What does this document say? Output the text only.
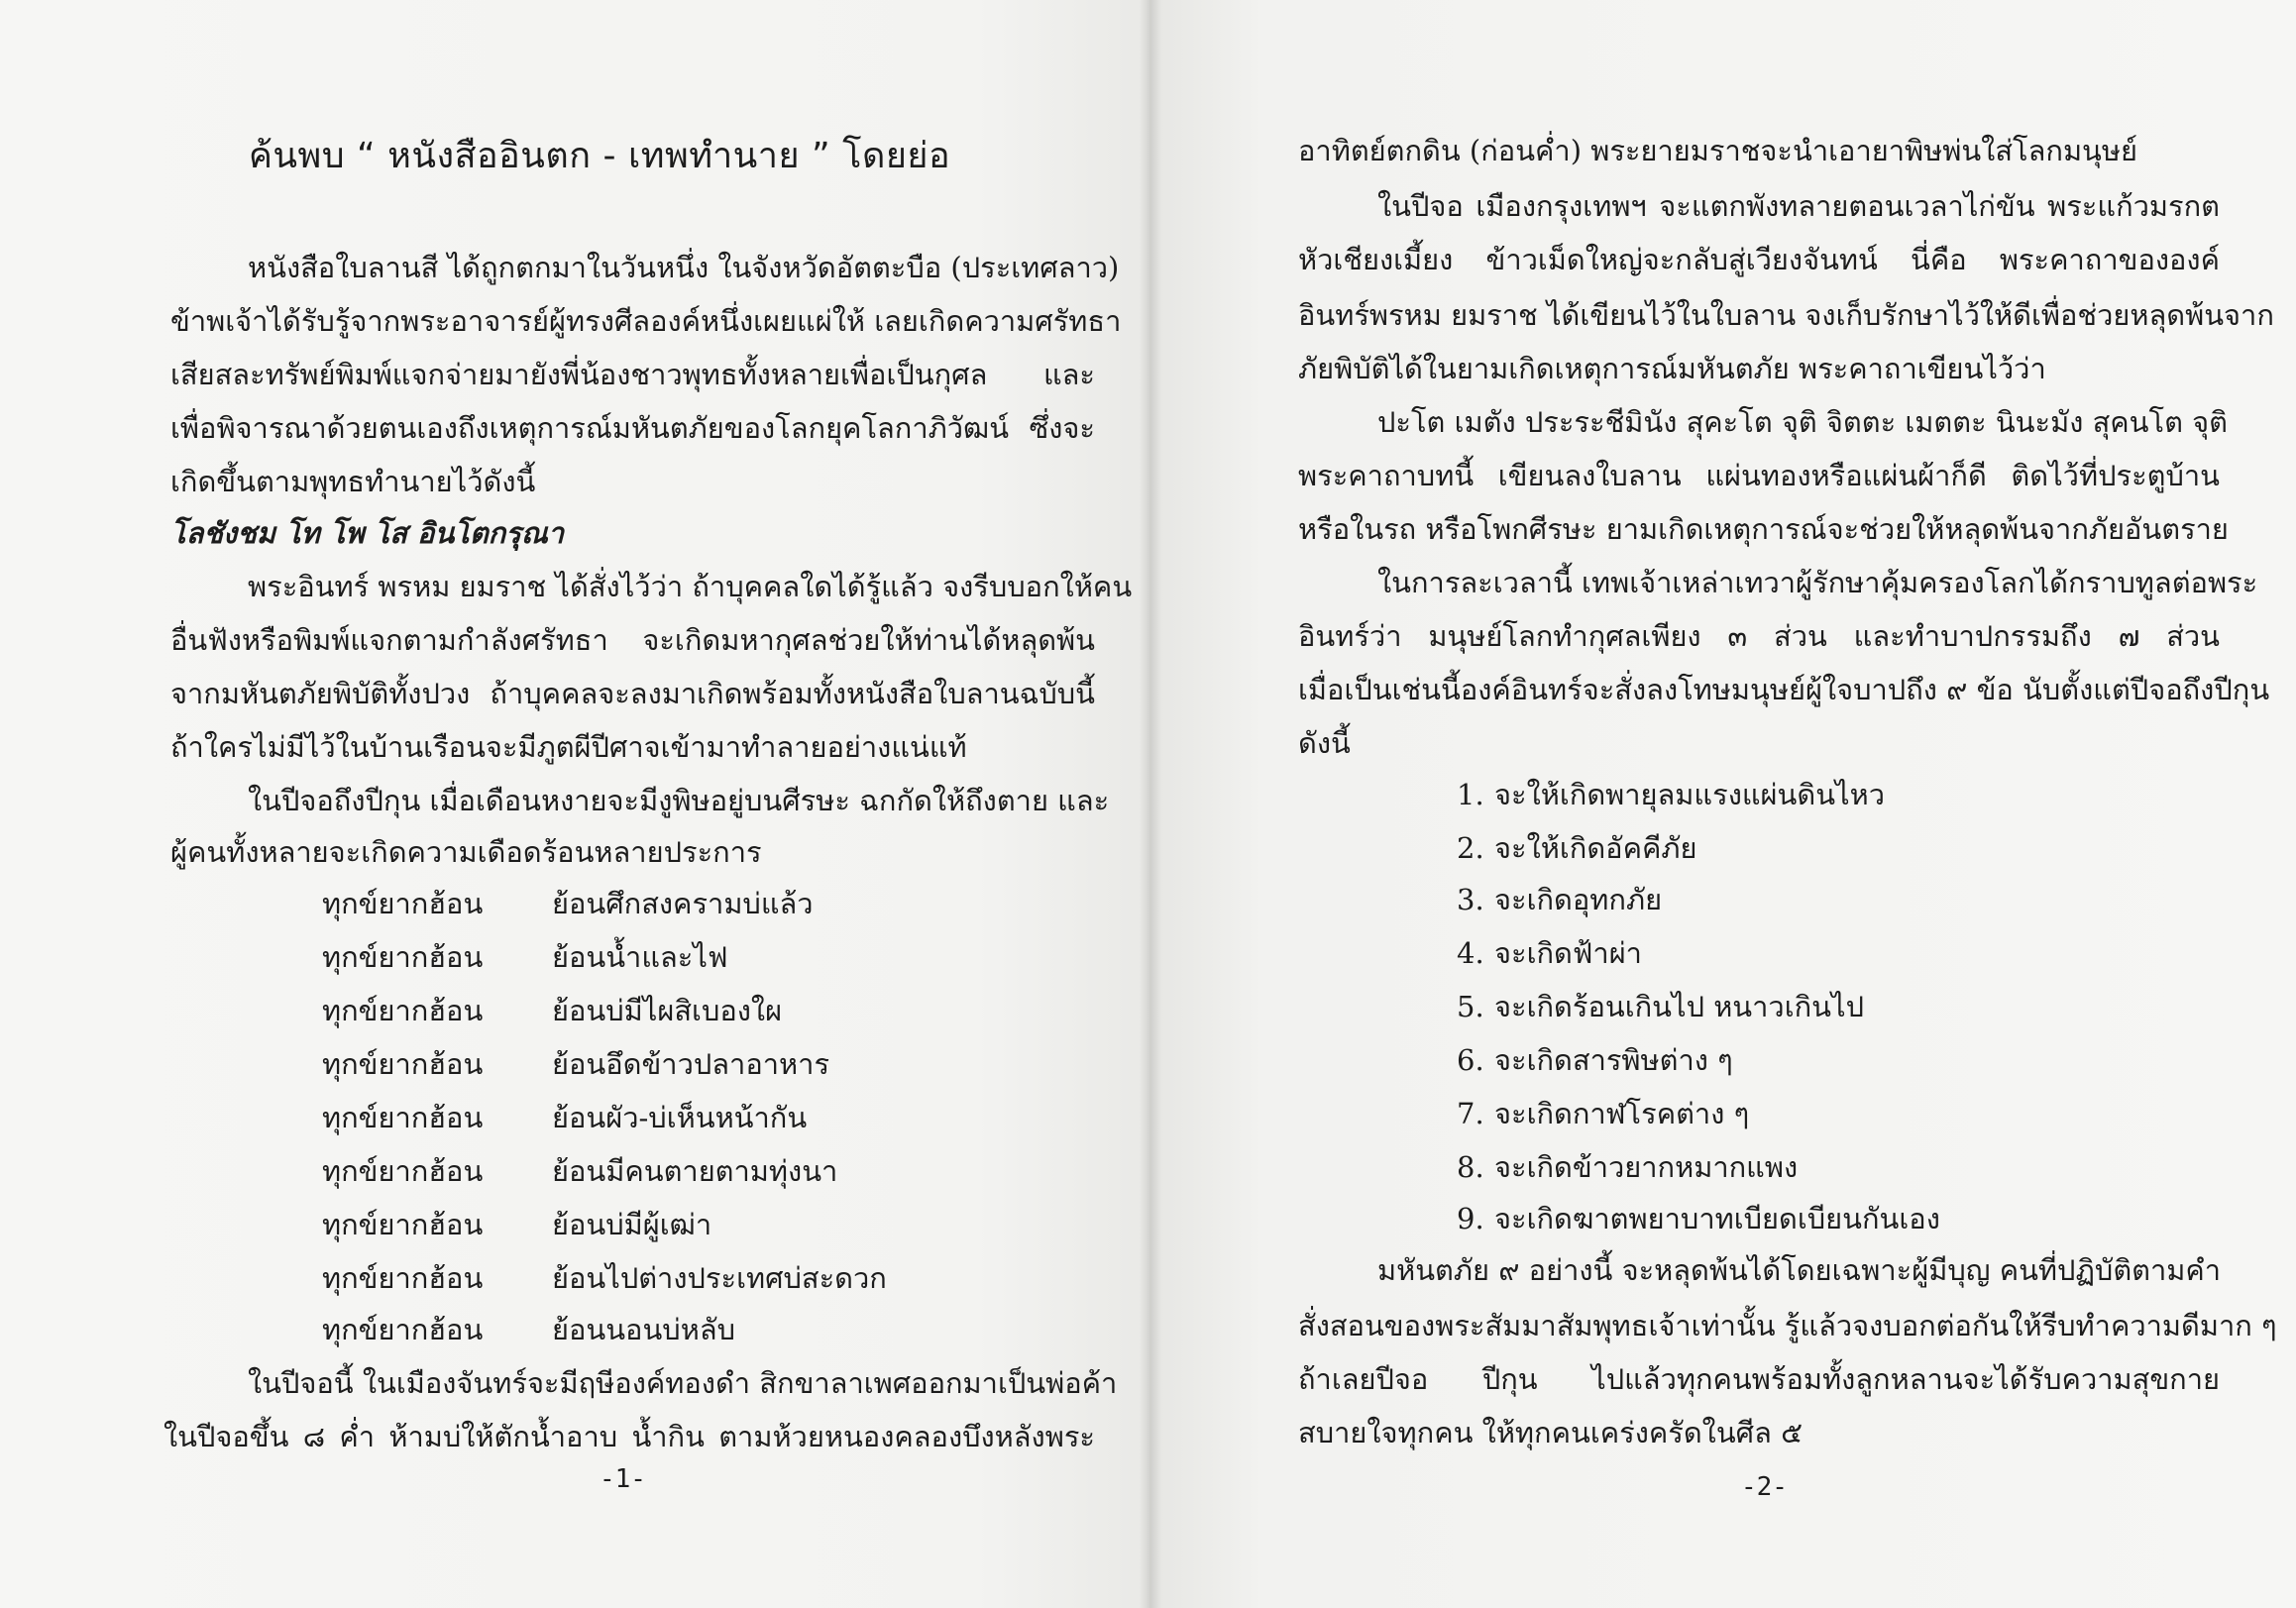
ค้นพบ “ หนังสืออินตก - เทพทำนาย ” โดยย่อ
หนังสือใบลานสี ได้ถูกตกมาในวันหนึ่ง ในจังหวัดอัตตะบือ (ประเทศลาว)
ข้าพเจ้าได้รับรู้จากพระอาจารย์ผู้ทรงศีลองค์หนึ่งเผยแผ่ให้ เลยเกิดความศรัทธา
เสียสละทรัพย์พิมพ์แจกจ่ายมายังพี่น้องชาวพุทธทั้งหลายเพื่อเป็นกุศล และ
เพื่อพิจารณาด้วยตนเองถึงเหตุการณ์มหันตภัยของโลกยุคโลกาภิวัฒน์ ซึ่งจะ
เกิดขึ้นตามพุทธทำนายไว้ดังนี้
โลชังชม โท โพ โส อินโตกรุณา
พระอินทร์ พรหม ยมราช ได้สั่งไว้ว่า ถ้าบุคคลใดได้รู้แล้ว จงรีบบอกให้คน
อื่นฟังหรือพิมพ์แจกตามกำลังศรัทธา จะเกิดมหากุศลช่วยให้ท่านได้หลุดพ้น
จากมหันตภัยพิบัติทั้งปวง ถ้าบุคคลจะลงมาเกิดพร้อมทั้งหนังสือใบลานฉบับนี้
ถ้าใครไม่มีไว้ในบ้านเรือนจะมีภูตผีปีศาจเข้ามาทำลายอย่างแน่แท้
ในปีจอถึงปีกุน เมื่อเดือนหงายจะมีงูพิษอยู่บนศีรษะ ฉกกัดให้ถึงตาย และ
ผู้คนทั้งหลายจะเกิดความเดือดร้อนหลายประการ
ทุกข์ยากฮ้อน ย้อนศึกสงครามบ่แล้ว
ทุกข์ยากฮ้อน ย้อนน้ำและไฟ
ทุกข์ยากฮ้อน ย้อนบ่มีไผสิเบองใผ
ทุกข์ยากฮ้อน ย้อนอึดข้าวปลาอาหาร
ทุกข์ยากฮ้อน ย้อนผัว-บ่เห็นหน้ากัน
ทุกข์ยากฮ้อน ย้อนมีคนตายตามทุ่งนา
ทุกข์ยากฮ้อน ย้อนบ่มีผู้เฒ่า
ทุกข์ยากฮ้อน ย้อนไปต่างประเทศบ่สะดวก
ทุกข์ยากฮ้อน ย้อนนอนบ่หลับ
ในปีจอนี้ ในเมืองจันทร์จะมีฤษีองค์ทองดำ สิกขาลาเพศออกมาเป็นพ่อค้า
ในปีจอขึ้น ๘ ค่ำ ห้ามบ่ให้ตักน้ำอาบ น้ำกิน ตามห้วยหนองคลองบึงหลังพระ
-1-
อาทิตย์ตกดิน (ก่อนค่ำ) พระยายมราชจะนำเอายาพิษพ่นใส่โลกมนุษย์
ในปีจอ เมืองกรุงเทพฯ จะแตกพังทลายตอนเวลาไก่ขัน พระแก้วมรกต
หัวเชียงเมี้ยง ข้าวเม็ดใหญ่จะกลับสู่เวียงจันทน์ นี่คือ พระคาถาขององค์
อินทร์พรหม ยมราช ได้เขียนไว้ในใบลาน จงเก็บรักษาไว้ให้ดีเพื่อช่วยหลุดพ้นจาก
ภัยพิบัติได้ในยามเกิดเหตุการณ์มหันตภัย พระคาถาเขียนไว้ว่า
ปะโต เมตัง ประระชีมินัง สุคะโต จุติ จิตตะ เมตตะ นินะมัง สุคนโต จุติ
พระคาถาบทนี้ เขียนลงใบลาน แผ่นทองหรือแผ่นผ้าก็ดี ติดไว้ที่ประตูบ้าน
หรือในรถ หรือโพกศีรษะ ยามเกิดเหตุการณ์จะช่วยให้หลุดพ้นจากภัยอันตราย
ในการละเวลานี้ เทพเจ้าเหล่าเทวาผู้รักษาคุ้มครองโลกได้กราบทูลต่อพระ
อินทร์ว่า มนุษย์โลกทำกุศลเพียง ๓ ส่วน และทำบาปกรรมถึง ๗ ส่วน
เมื่อเป็นเช่นนี้องค์อินทร์จะสั่งลงโทษมนุษย์ผู้ใจบาปถึง ๙ ข้อ นับตั้งแต่ปีจอถึงปีกุน
ดังนี้
1. จะให้เกิดพายุลมแรงแผ่นดินไหว
2. จะให้เกิดอัคคีภัย
3. จะเกิดอุทกภัย
4. จะเกิดฟ้าผ่า
5. จะเกิดร้อนเกินไป หนาวเกินไป
6. จะเกิดสารพิษต่าง ๆ
7. จะเกิดกาฬโรคต่าง ๆ
8. จะเกิดข้าวยากหมากแพง
9. จะเกิดฆาตพยาบาทเบียดเบียนกันเอง
มหันตภัย ๙ อย่างนี้ จะหลุดพ้นได้โดยเฉพาะผู้มีบุญ คนที่ปฏิบัติตามคำ
สั่งสอนของพระสัมมาสัมพุทธเจ้าเท่านั้น รู้แล้วจงบอกต่อกันให้รีบทำความดีมาก ๆ
ถ้าเลยปีจอ ปีกุน ไปแล้วทุกคนพร้อมทั้งลูกหลานจะได้รับความสุขกาย
สบายใจทุกคน ให้ทุกคนเคร่งครัดในศีล ๕
-2-
